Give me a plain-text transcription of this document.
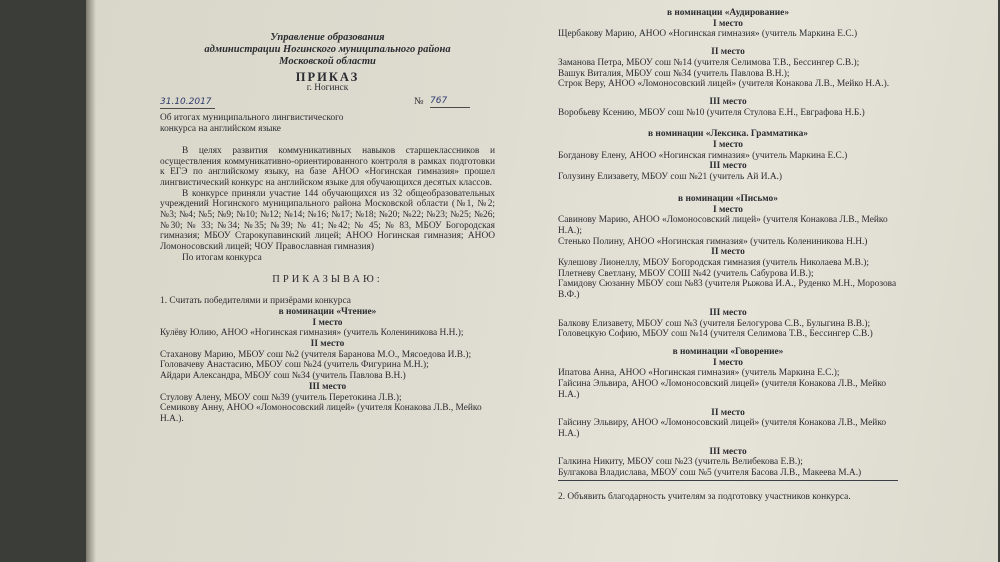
Управление образования

администрации Ногинского муниципального района

Московской области

ПРИКАЗ

г. Ногинск

31.10.2017	№ 767

Об итогах муниципального лингвистического

конкурса на английском языке

В целях развития коммуникативных навыков старшеклассников и осуществления коммуникативно-ориентированного контроля в рамках подготовки к ЕГЭ по английскому языку, на базе АНОО «Ногинская гимназия» прошел лингвистический конкурс на английском языке для обучающихся десятых классов.

В конкурсе приняли участие 144 обучающихся из 32 общеобразовательных учреждений Ногинского муниципального района Московской области (№1, №2; №3; №4; №5; №9; №10; №12; №14; №16; №17; №18; №20; №22; №23; №25; №26; №30; № 33; №34; №35; №39; № 41; №42; № 45; № 83, МБОУ Богородская гимназия; МБОУ Старокупавинский лицей; АНОО Ногинская гимназия; АНОО Ломоносовский лицей; ЧОУ Православная гимназия)

По итогам конкурса

ПРИКАЗЫВАЮ:

1. Считать победителями и призёрами конкурса

в номинации «Чтение»

I место

Кулёву Юлию, АНОО «Ногинская гимназия» (учитель Колениникова Н.Н.);

II место

Стаханову Марию, МБОУ сош №2 (учителя Баранова М.О., Мясоедова И.В.);

Головачеву Анастасию, МБОУ сош №24 (учитель Фигурина М.Н.);

Айдари Александра, МБОУ сош №34 (учитель Павлова В.Н.)

III место

Стулову Алену, МБОУ сош №39 (учитель Перетокина Л.В.);

Семикову Анну, АНОО «Ломоносовский лицей» (учителя Конакова Л.В., Мейко Н.А.).

в номинации «Аудирование»

I место

Щербакову Марию, АНОО «Ногинская гимназия» (учитель Маркина Е.С.)

II место

Заманова Петра, МБОУ сош №14 (учителя Селимова Т.В., Бессингер С.В.);

Вашук Виталия, МБОУ сош №34 (учитель Павлова В.Н.);

Строк Веру, АНОО «Ломоносовский лицей» (учителя Конакова Л.В., Мейко Н.А.).

III место

Воробьеву Ксению, МБОУ сош №10 (учителя Стулова Е.Н., Евграфова Н.Б.)

в номинации «Лексика. Грамматика»

I место

Богданову Елену, АНОО «Ногинская гимназия» (учитель Маркина Е.С.)

III место

Голузину Елизавету, МБОУ сош №21 (учитель Ай И.А.)

в номинации «Письмо»

I место

Савинову Марию, АНОО «Ломоносовский лицей» (учителя Конакова Л.В., Мейко Н.А.);

Стенько Полину, АНОО «Ногинская гимназия» (учитель Колениникова Н.Н.)

II место

Кулешову Лионеллу, МБОУ Богородская гимназия (учитель Николаева М.В.);

Плетневу Светлану, МБОУ СОШ №42 (учитель Сабурова И.В.);

Гамидову Сюзанну МБОУ сош №83 (учителя Рыжова И.А., Руденко М.Н., Морозова В.Ф.)

III место

Балкову Елизавету, МБОУ сош №3 (учителя Белогурова С.В., Булыгина В.В.);

Головецкую Софию, МБОУ сош №14 (учителя Селимова Т.В., Бессингер С.В.)

в номинации «Говорение»

I место

Ипатова Анна, АНОО «Ногинская гимназия» (учитель Маркина Е.С.);

Гайсина Эльвира, АНОО «Ломоносовский лицей» (учителя Конакова Л.В., Мейко Н.А.)

II место

Гайсину Эльвиру, АНОО «Ломоносовский лицей» (учителя Конакова Л.В., Мейко Н.А.)

III место

Галкина Никиту, МБОУ сош №23 (учитель Велибекова Е.В.);

Булгакова Владислава, МБОУ сош №5 (учителя Басова Л.В., Макеева М.А.)

2. Объявить благодарность учителям за подготовку участников конкурса.
